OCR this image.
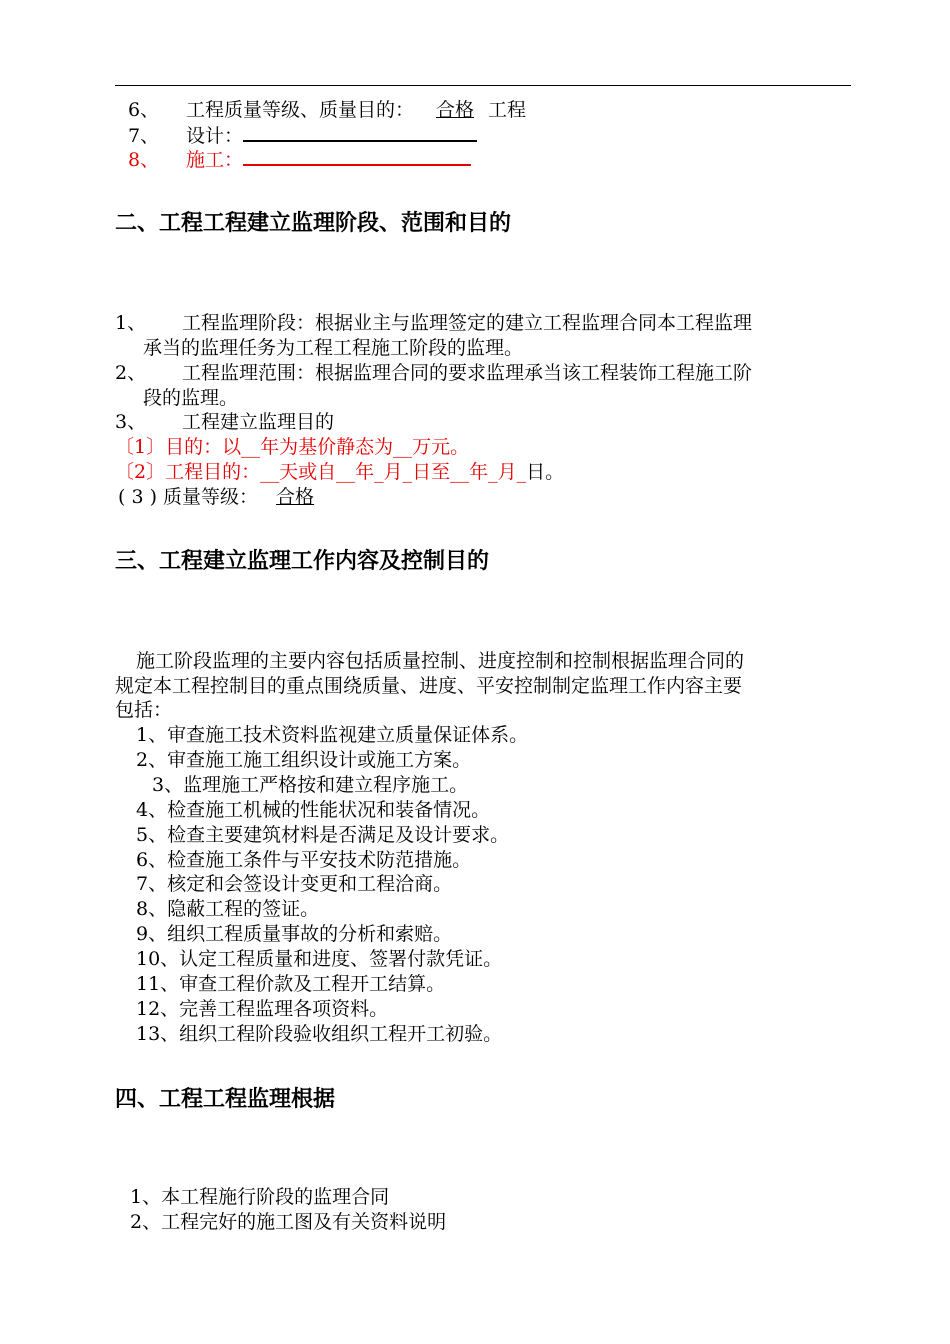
6、 工程质量等级、质量目的： 合格 工程
7、 设计：
8、 施工：
二、工程工程建立监理阶段、范围和目的
1、 工程监理阶段：根据业主与监理签定的建立工程监理合同本工程监理
承当的监理任务为工程工程施工阶段的监理。
2、 工程监理范围：根据监理合同的要求监理承当该工程装饰工程施工阶
段的监理。
3、 工程建立监理目的
〔1〕目的：以__年为基价静态为__万元。
〔2〕工程目的：__天或自__年_月_日至__年_月_日。
( 3 ) 质量等级： 合格
三、工程建立监理工作内容及控制目的
施工阶段监理的主要内容包括质量控制、进度控制和控制根据监理合同的
规定本工程控制目的重点围绕质量、进度、平安控制制定监理工作内容主要
包括：
1、审查施工技术资料监视建立质量保证体系。
2、审查施工施工组织设计或施工方案。
3、监理施工严格按和建立程序施工。
4、检查施工机械的性能状况和装备情况。
5、检查主要建筑材料是否满足及设计要求。
6、检查施工条件与平安技术防范措施。
7、核定和会签设计变更和工程洽商。
8、隐蔽工程的签证。
9、组织工程质量事故的分析和索赔。
10、认定工程质量和进度、签署付款凭证。
11、审查工程价款及工程开工结算。
12、完善工程监理各项资料。
13、组织工程阶段验收组织工程开工初验。
四、工程工程监理根据
1、本工程施行阶段的监理合同
2、工程完好的施工图及有关资料说明
